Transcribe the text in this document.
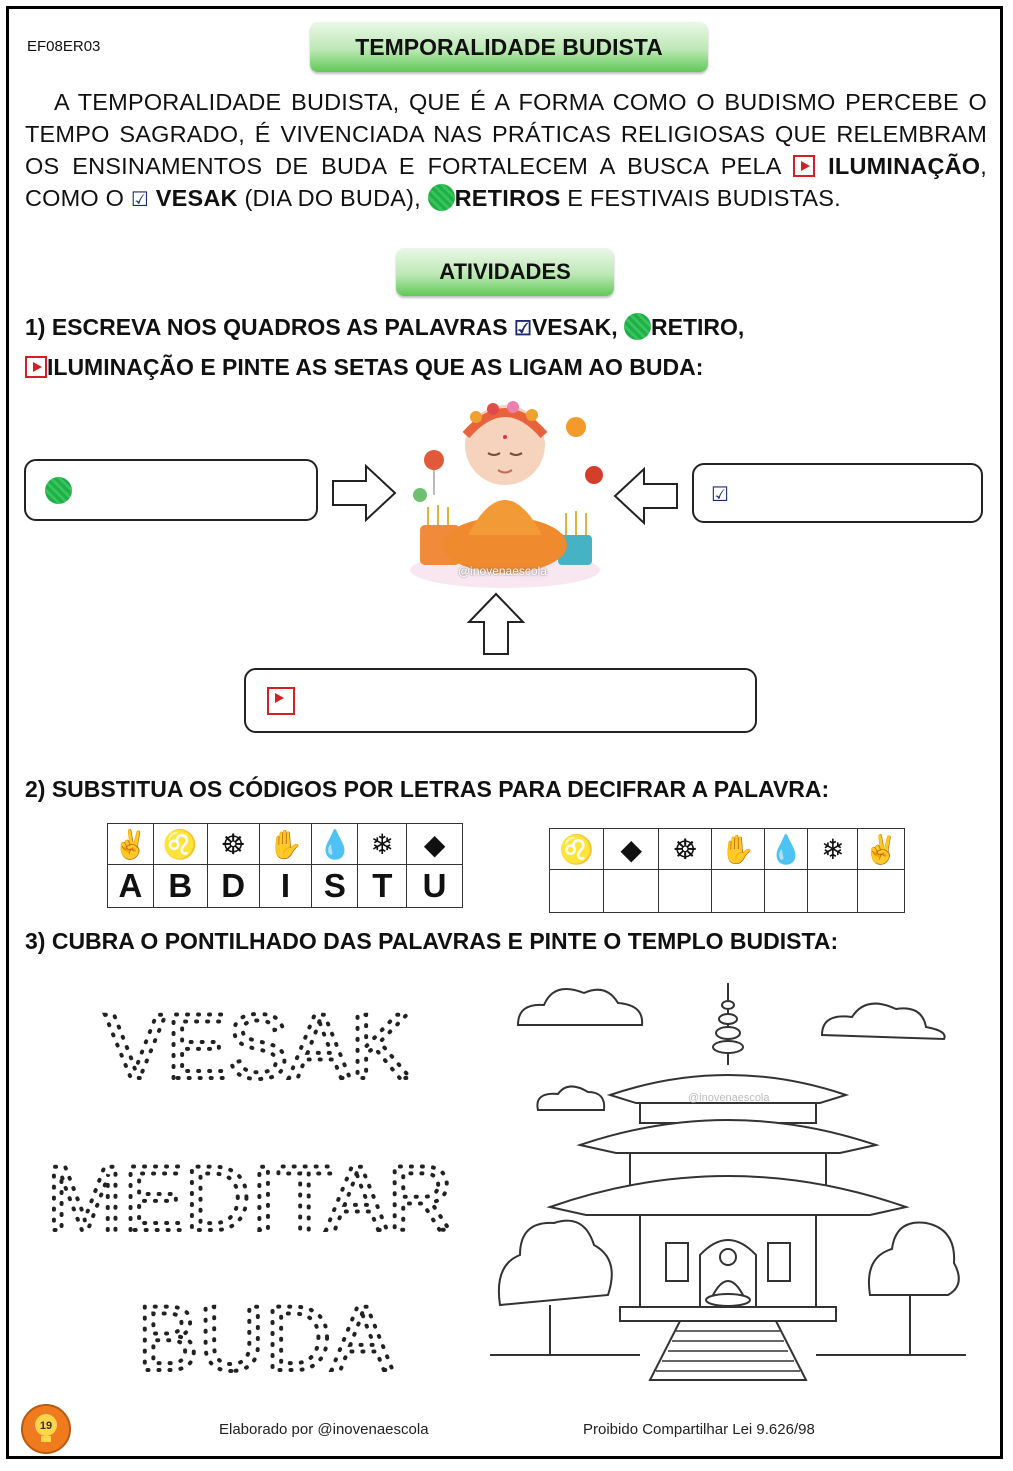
EF08ER03	TEMPORALIDADE BUDISTA
A TEMPORALIDADE BUDISTA, QUE É A FORMA COMO O BUDISMO PERCEBE O TEMPO SAGRADO, É VIVENCIADA NAS PRÁTICAS RELIGIOSAS QUE RELEMBRAM OS ENSINAMENTOS DE BUDA E FORTALECEM A BUSCA PELA ILUMINAÇÃO, COMO O ☑ VESAK (DIA DO BUDA), RETIROS E FESTIVAIS BUDISTAS.
ATIVIDADES
1) ESCREVA NOS QUADROS AS PALAVRAS ☑VESAK, RETIRO,
ILUMINAÇÃO E PINTE AS SETAS QUE AS LIGAM AO BUDA:
☑
@inovenaescola
2) SUBSTITUA OS CÓDIGOS POR LETRAS PARA DECIFRAR A PALAVRA:
✌	♌	☸	✋	💧	❄	◆
A	B	D	I	S	T	U
♌	◆	☸	✋	💧	❄	✌

3) CUBRA O PONTILHADO DAS PALAVRAS E PINTE O TEMPLO BUDISTA:
VESAK
MEDITAR
BUDA
@inovenaescola
19	Elaborado por @inovenaescola	Proibido Compartilhar Lei 9.626/98
